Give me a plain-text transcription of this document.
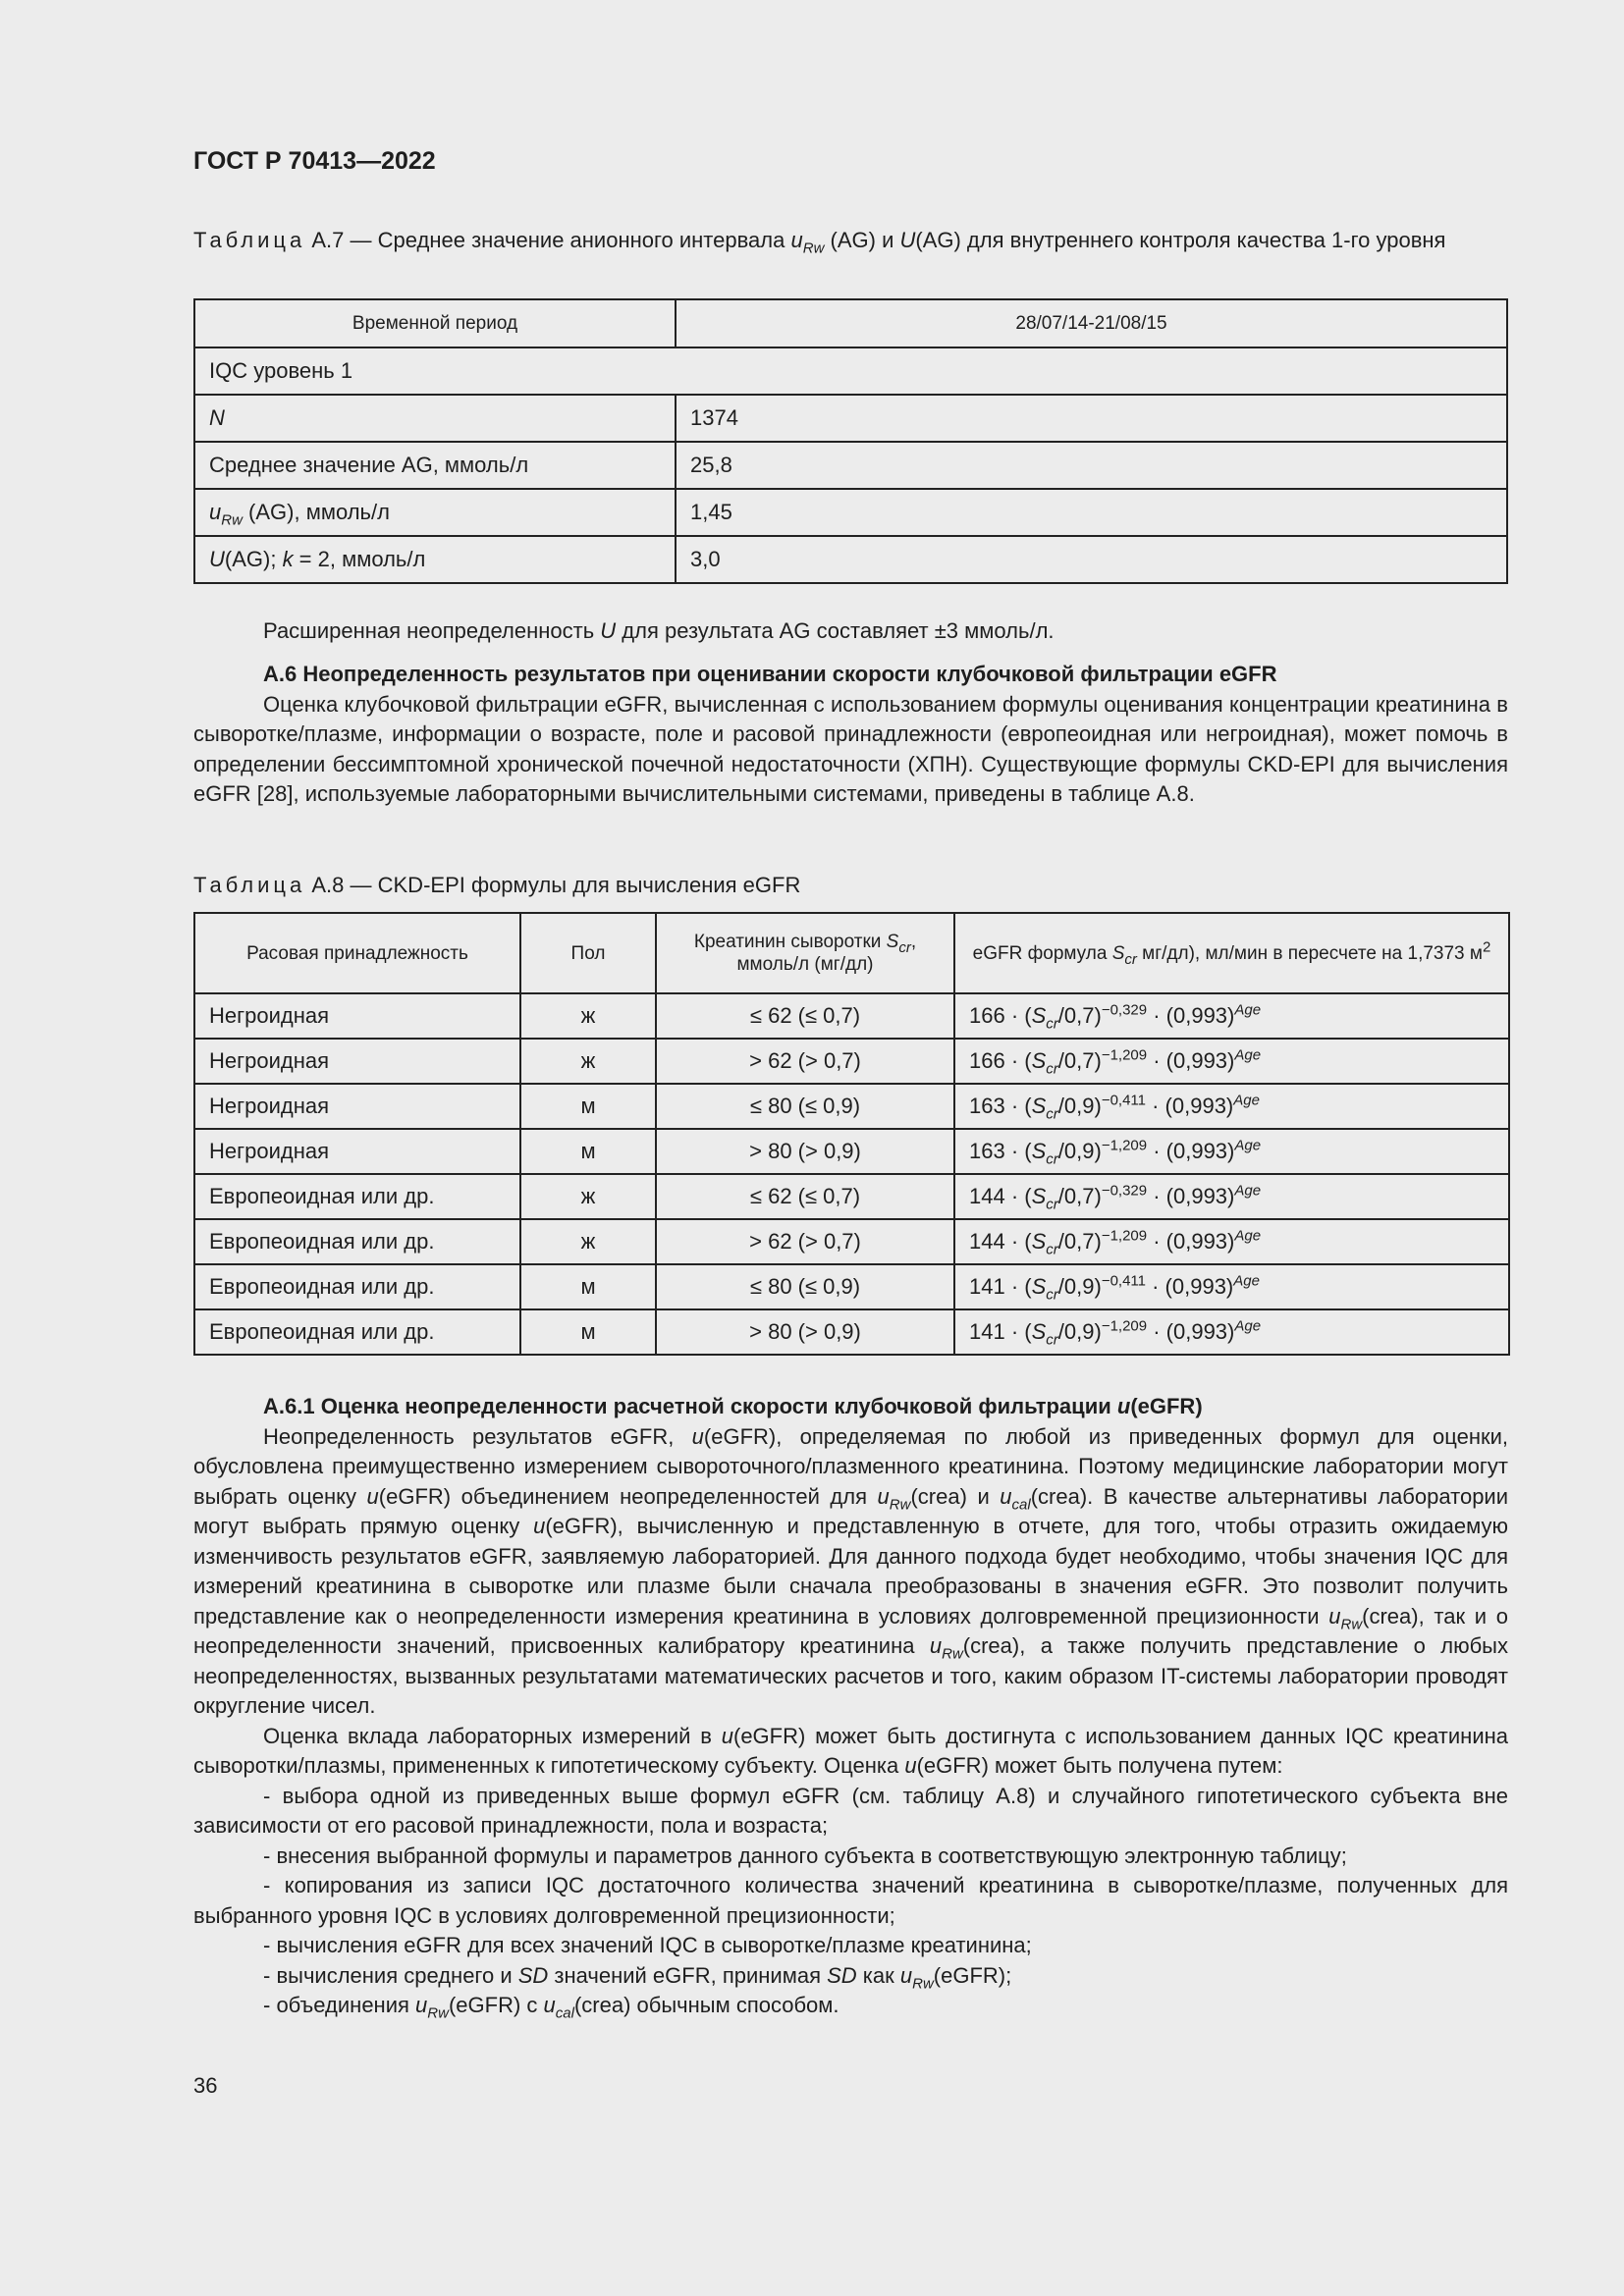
ГОСТ Р 70413—2022
Таблица А.7 — Среднее значение анионного интервала $u_{Rw}$ (AG) и U(AG) для внутреннего контроля качества 1-го уровня
Временной период	28/07/14-21/08/15
IQC уровень 1	
N	1374
Среднее значение AG, ммоль/л	25,8
$u_{Rw}$ (AG), ммоль/л	1,45
U(AG); k = 2, ммоль/л	3,0

Расширенная неопределенность U для результата AG составляет ±3 ммоль/л.

А.6 Неопределенность результатов при оценивании скорости клубочковой фильтрации eGFR

Оценка клубочковой фильтрации eGFR, вычисленная с использованием формулы оценивания концентрации креатинина в сыворотке/плазме, информации о возрасте, поле и расовой принадлежности (европеоидная или негроидная), может помочь в определении бессимптомной хронической почечной недостаточности (ХПН). Существующие формулы CKD-EPI для вычисления eGFR [28], используемые лабораторными вычислительными системами, приведены в таблице А.8.

Таблица А.8 — CKD-EPI формулы для вычисления eGFR
Расовая принадлежность	Пол	Креатинин сыворотки $S_{cr}$, ммоль/л (мг/дл)	eGFR формула $S_{cr}$ мг/дл), мл/мин в пересчете на 1,7373 $м^2$
Негроидная	ж	≤ 62 (≤ 0,7)	$166 \cdot (S_{cr}/0,7)^{-0,329} \cdot (0,993)^{Age}$
Негроидная	ж	> 62 (> 0,7)	$166 \cdot (S_{cr}/0,7)^{-1,209} \cdot (0,993)^{Age}$
Негроидная	м	≤ 80 (≤ 0,9)	$163 \cdot (S_{cr}/0,9)^{-0,411} \cdot (0,993)^{Age}$
Негроидная	м	> 80 (> 0,9)	$163 \cdot (S_{cr}/0,9)^{-1,209} \cdot (0,993)^{Age}$
Европеоидная или др.	ж	≤ 62 (≤ 0,7)	$144 \cdot (S_{cr}/0,7)^{-0,329} \cdot (0,993)^{Age}$
Европеоидная или др.	ж	> 62 (> 0,7)	$144 \cdot (S_{cr}/0,7)^{-1,209} \cdot (0,993)^{Age}$
Европеоидная или др.	м	≤ 80 (≤ 0,9)	$141 \cdot (S_{cr}/0,9)^{-0,411} \cdot (0,993)^{Age}$
Европеоидная или др.	м	> 80 (> 0,9)	$141 \cdot (S_{cr}/0,9)^{-1,209} \cdot (0,993)^{Age}$

А.6.1 Оценка неопределенности расчетной скорости клубочковой фильтрации u(eGFR)

Неопределенность результатов eGFR, u(eGFR), определяемая по любой из приведенных формул для оценки, обусловлена преимущественно измерением сывороточного/плазменного креатинина. Поэтому медицинские лаборатории могут выбрать оценку u(eGFR) объединением неопределенностей для $u_{Rw}(crea)$ и $u_{cal}(crea)$. В качестве альтернативы лаборатории могут выбрать прямую оценку u(eGFR), вычисленную и представленную в отчете, для того, чтобы отразить ожидаемую изменчивость результатов eGFR, заявляемую лабораторией. Для данного подхода будет необходимо, чтобы значения IQC для измерений креатинина в сыворотке или плазме были сначала преобразованы в значения eGFR. Это позволит получить представление как о неопределенности измерения креатинина в условиях долговременной прецизионности $u_{Rw}(crea)$, так и о неопределенности значений, присвоенных калибратору креатинина $u_{Rw}(crea)$, а также получить представление о любых неопределенностях, вызванных результатами математических расчетов и того, каким образом IT-системы лаборатории проводят округление чисел.

Оценка вклада лабораторных измерений в u(eGFR) может быть достигнута с использованием данных IQC креатинина сыворотки/плазмы, примененных к гипотетическому субъекту. Оценка u(eGFR) может быть получена путем:

- выбора одной из приведенных выше формул eGFR (см. таблицу А.8) и случайного гипотетического субъекта вне зависимости от его расовой принадлежности, пола и возраста;

- внесения выбранной формулы и параметров данного субъекта в соответствующую электронную таблицу;

- копирования из записи IQC достаточного количества значений креатинина в сыворотке/плазме, полученных для выбранного уровня IQC в условиях долговременной прецизионности;

- вычисления eGFR для всех значений IQC в сыворотке/плазме креатинина;

- вычисления среднего и SD значений eGFR, принимая SD как $u_{Rw}(eGFR)$;

- объединения $u_{Rw}(eGFR)$ с $u_{cal}(crea)$ обычным способом.

36
